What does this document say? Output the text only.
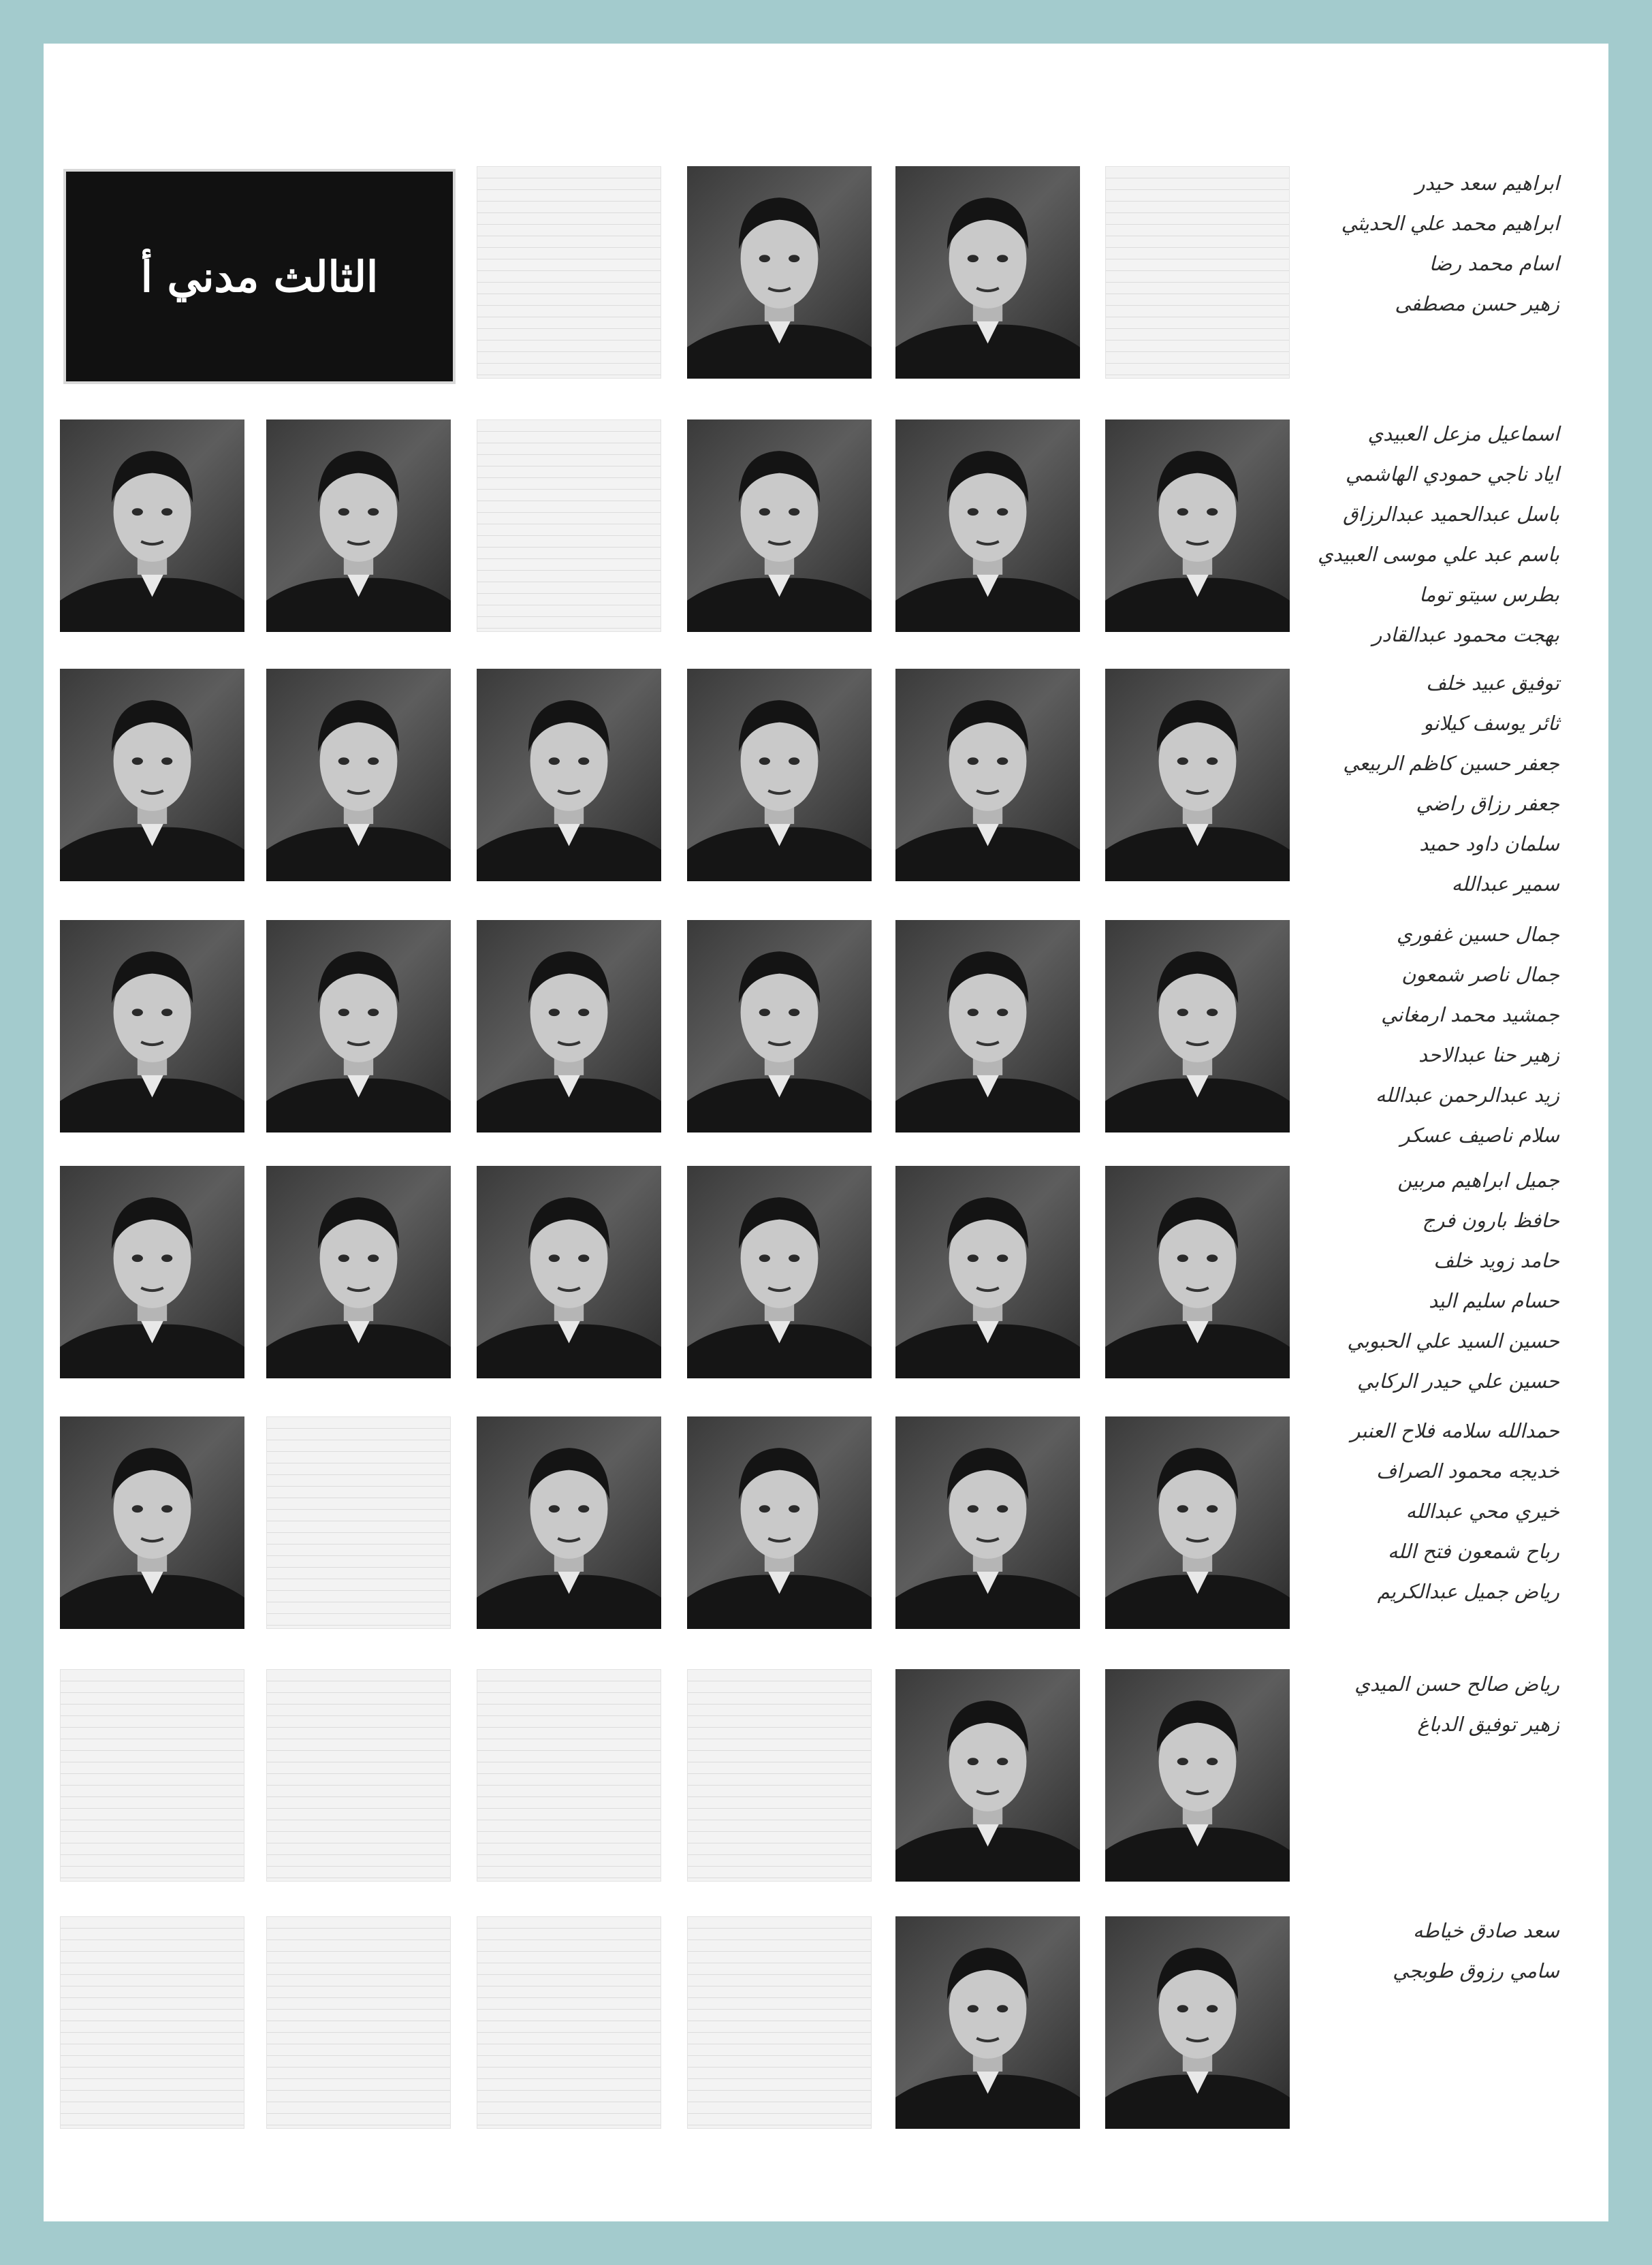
الثالث مدني أ
ابراهيم سعد حيدر
ابراهيم محمد علي الحديثي
اسام محمد رضا
زهير حسن مصطفى
اسماعيل مزعل العبيدي
اياد ناجي حمودي الهاشمي
باسل عبدالحميد عبدالرزاق
باسم عبد علي موسى العبيدي
بطرس سيتو توما
بهجت محمود عبدالقادر
توفيق عبيد خلف
ثائر يوسف كيلانو
جعفر حسين كاظم الربيعي
جعفر رزاق راضي
سلمان داود حميد
سمير عبدالله
جمال حسين غفوري
جمال ناصر شمعون
جمشيد محمد ارمغاني
زهير حنا عبدالاحد
زيد عبدالرحمن عبدالله
سلام ناصيف عسكر
جميل ابراهيم مربين
حافظ بارون فرج
حامد زويد خلف
حسام سليم اليد
حسين السيد علي الحبوبي
حسين علي حيدر الركابي
حمدالله سلامه فلاح العنبر
خديجه محمود الصراف
خيري محي عبدالله
رباح شمعون فتح الله
رياض جميل عبدالكريم
رياض صالح حسن الميدي
زهير توفيق الدباغ
سعد صادق خياطه
سامي رزوق طوبجي
